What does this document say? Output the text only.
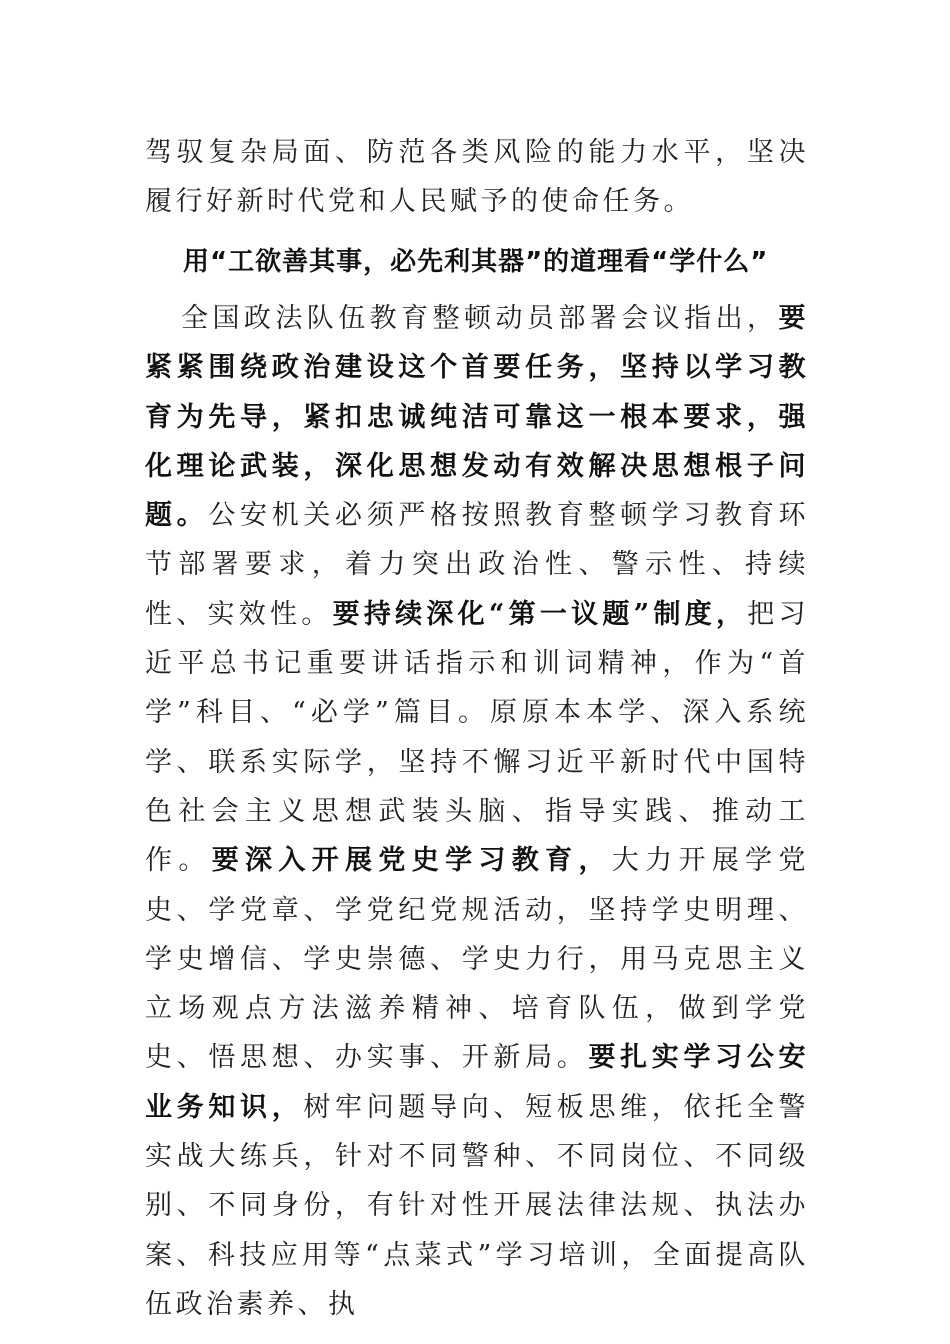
驾驭复杂局面、防范各类风险的能力水平，坚决履行好新时代党和人民赋予的使命任务。
用“工欲善其事，必先利其器”的道理看“学什么”
全国政法队伍教育整顿动员部署会议指出，要紧紧围绕政治建设这个首要任务，坚持以学习教育为先导，紧扣忠诚纯洁可靠这一根本要求，强化理论武装，深化思想发动有效解决思想根子问题。公安机关必须严格按照教育整顿学习教育环节部署要求，着力突出政治性、警示性、持续性、实效性。要持续深化“第一议题”制度，把习近平总书记重要讲话指示和训词精神，作为“首学”科目、“必学”篇目。原原本本学、深入系统学、联系实际学，坚持不懈习近平新时代中国特色社会主义思想武装头脑、指导实践、推动工作。要深入开展党史学习教育，大力开展学党史、学党章、学党纪党规活动，坚持学史明理、学史增信、学史崇德、学史力行，用马克思主义立场观点方法滋养精神、培育队伍，做到学党史、悟思想、办实事、开新局。要扎实学习公安业务知识，树牢问题导向、短板思维，依托全警实战大练兵，针对不同警种、不同岗位、不同级别、不同身份，有针对性开展法律法规、执法办案、科技应用等“点菜式”学习培训，全面提高队伍政治素养、执
